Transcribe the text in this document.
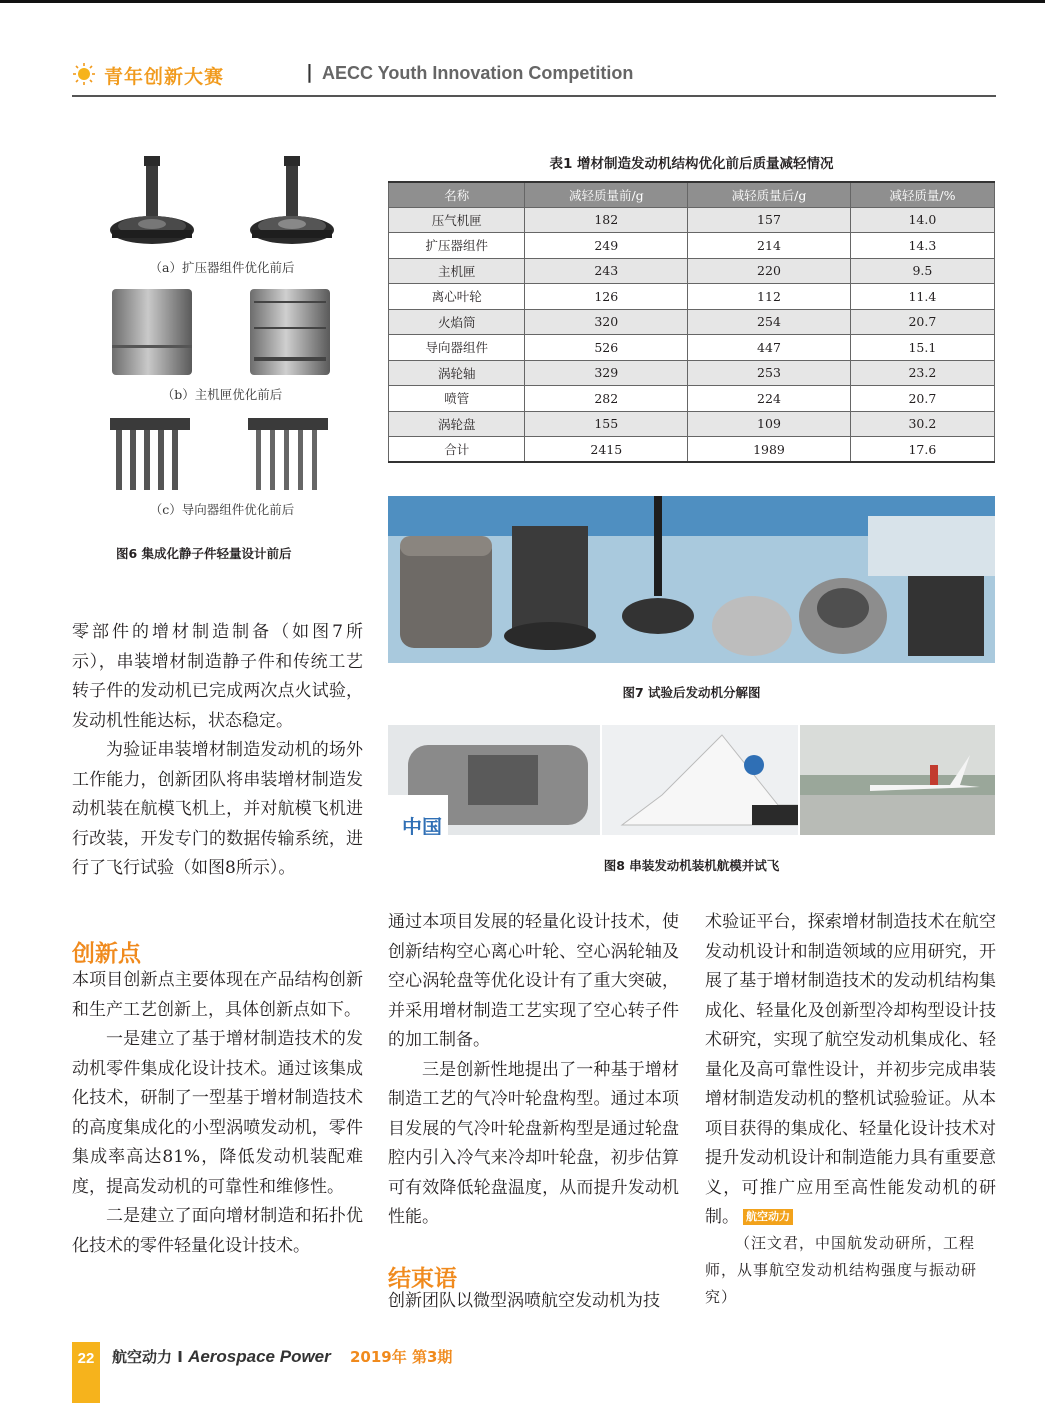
青年创新大赛	| AECC Youth Innovation Competition
（a）扩压器组件优化前后
（b）主机匣优化前后
（c）导向器组件优化前后
图6 集成化静子件轻量设计前后
表1 增材制造发动机结构优化前后质量减轻情况
名称	减轻质量前/g	减轻质量后/g	减轻质量/%
压气机匣	182	157	14.0
扩压器组件	249	214	14.3
主机匣	243	220	9.5
离心叶轮	126	112	11.4
火焰筒	320	254	20.7
导向器组件	526	447	15.1
涡轮轴	329	253	23.2
喷管	282	224	20.7
涡轮盘	155	109	30.2
合计	2415	1989	17.6
图7 试验后发动机分解图
中国
图8 串装发动机装机航模并试飞

零部件的增材制造制备（如图7所示），串装增材制造静子件和传统工艺转子件的发动机已完成两次点火试验，发动机性能达标，状态稳定。

为验证串装增材制造发动机的场外工作能力，创新团队将串装增材制造发动机装在航模飞机上，并对航模飞机进行改装，开发专门的数据传输系统，进行了飞行试验（如图8所示）。

创新点

本项目创新点主要体现在产品结构创新和生产工艺创新上，具体创新点如下。

一是建立了基于增材制造技术的发动机零件集成化设计技术。通过该集成化技术，研制了一型基于增材制造技术的高度集成化的小型涡喷发动机，零件集成率高达81%，降低发动机装配难度，提高发动机的可靠性和维修性。

二是建立了面向增材制造和拓扑优化技术的零件轻量化设计技术。

通过本项目发展的轻量化设计技术，使创新结构空心离心叶轮、空心涡轮轴及空心涡轮盘等优化设计有了重大突破，并采用增材制造工艺实现了空心转子件的加工制备。

三是创新性地提出了一种基于增材制造工艺的气冷叶轮盘构型。通过本项目发展的气冷叶轮盘新构型是通过轮盘腔内引入冷气来冷却叶轮盘，初步估算可有效降低轮盘温度，从而提升发动机性能。

结束语

创新团队以微型涡喷航空发动机为技

术验证平台，探索增材制造技术在航空发动机设计和制造领域的应用研究，开展了基于增材制造技术的发动机结构集成化、轻量化及创新型冷却构型设计技术研究，实现了航空发动机集成化、轻量化及高可靠性设计，并初步完成串装增材制造发动机的整机试验验证。从本项目获得的集成化、轻量化设计技术对提升发动机设计和制造能力具有重要意义，可推广应用至高性能发动机的研制。 航空动力

（汪文君，中国航发动研所，工程师，从事航空发动机结构强度与振动研究）
22 航空动力 I Aerospace Power 2019年 第3期
